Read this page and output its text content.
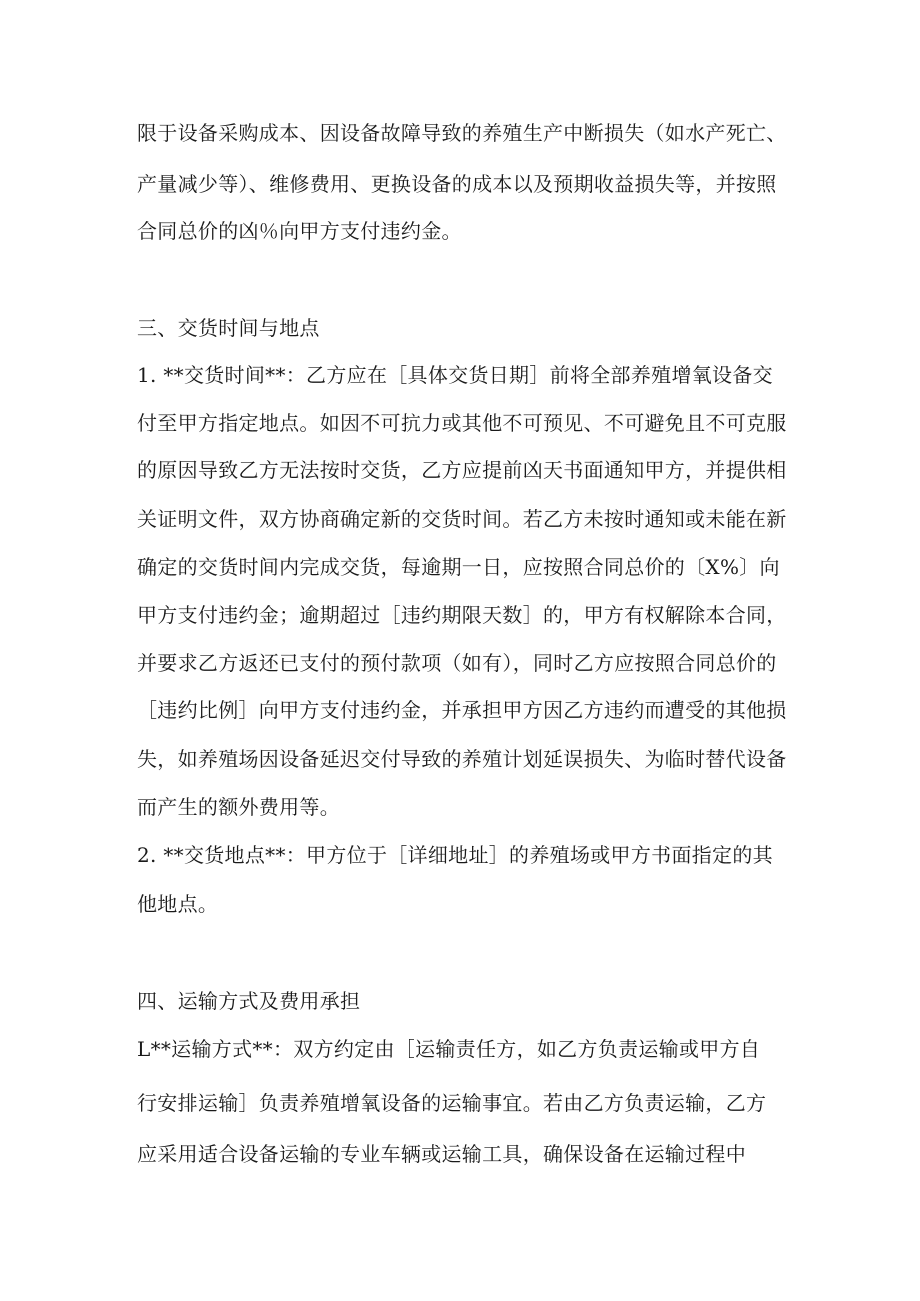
限于设备采购成本、因设备故障导致的养殖生产中断损失（如水产死亡、

产量减少等）、维修费用、更换设备的成本以及预期收益损失等，并按照

合同总价的凶％向甲方支付违约金。

三、交货时间与地点

1. **交货时间**：乙方应在［具体交货日期］前将全部养殖增氧设备交

付至甲方指定地点。如因不可抗力或其他不可预见、不可避免且不可克服

的原因导致乙方无法按时交货，乙方应提前凶天书面通知甲方，并提供相

关证明文件，双方协商确定新的交货时间。若乙方未按时通知或未能在新

确定的交货时间内完成交货，每逾期一日，应按照合同总价的〔X%〕向

甲方支付违约金；逾期超过［违约期限天数］的，甲方有权解除本合同，

并要求乙方返还已支付的预付款项（如有），同时乙方应按照合同总价的

［违约比例］向甲方支付违约金，并承担甲方因乙方违约而遭受的其他损

失，如养殖场因设备延迟交付导致的养殖计划延误损失、为临时替代设备

而产生的额外费用等。

2. **交货地点**：甲方位于［详细地址］的养殖场或甲方书面指定的其

他地点。

四、运输方式及费用承担

L**运输方式**：双方约定由［运输责任方，如乙方负责运输或甲方自

行安排运输］负责养殖增氧设备的运输事宜。若由乙方负责运输，乙方

应采用适合设备运输的专业车辆或运输工具，确保设备在运输过程中
